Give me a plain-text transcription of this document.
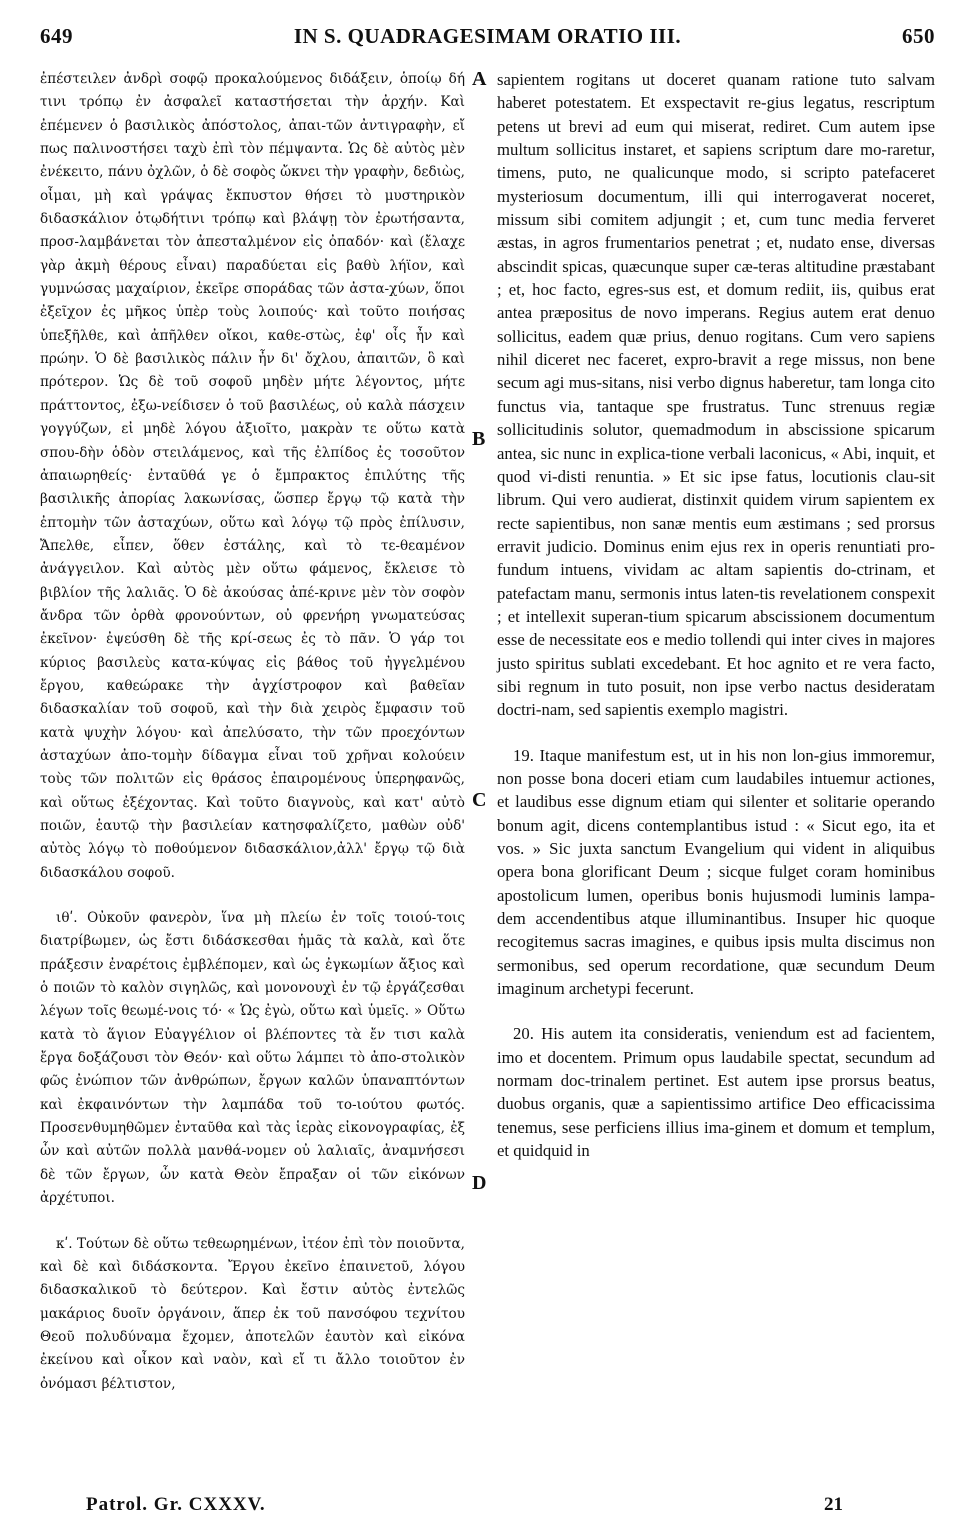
649	IN S. QUADRAGESIMAM ORATIO III.	650
ἐπέστειλεν ἀνδρὶ σοφῷ προκαλούμενος διδάξειν, ὁποίῳ δή τινι τρόπῳ ἐν ἀσφαλεῖ καταστήσεται τὴν ἀρχήν. Καὶ ἐπέμενεν ὁ βασιλικὸς ἀπόστολος, ἀπαι-τῶν ἀντιγραφὴν, εἴ πως παλινοστήσει ταχὺ ἐπὶ τὸν πέμψαντα. Ὡς δὲ αὐτὸς μὲν ἐνέκειτο, πάνυ ὀχλῶν, ὁ δὲ σοφὸς ὤκνει τὴν γραφὴν, δεδιὼς, οἶμαι, μὴ καὶ γράψας ἔκπυστον θήσει τὸ μυστηρικὸν διδασκάλιον ὁτῳδήτινι τρόπῳ καὶ βλάψῃ τὸν ἐρωτήσαντα, προσ-λαμβάνεται τὸν ἀπεσταλμένον εἰς ὀπαδόν· καὶ (ἔλαχε γὰρ ἀκμὴ θέρους εἶναι) παραδύεται εἰς βαθὺ λήϊον, καὶ γυμνώσας μαχαίριον, ἐκεῖρε σποράδας τῶν ἀστα-χύων, ὅποι ἐξεῖχον ἐς μῆκος ὑπὲρ τοὺς λοιπούς· καὶ τοῦτο ποιήσας ὑπεξῆλθε, καὶ ἀπῆλθεν οἴκοι, καθε-στὼς, ἐφ' οἷς ἦν καὶ πρώην. Ὁ δὲ βασιλικὸς πάλιν ἦν δι' ὄχλου, ἀπαιτῶν, ὃ καὶ πρότερον. Ὡς δὲ τοῦ σοφοῦ μηδὲν μήτε λέγοντος, μήτε πράττοντος, ἐξω-νείδισεν ὁ τοῦ βασιλέως, οὐ καλὰ πάσχειν γογγύζων, εἰ μηδὲ λόγου ἀξιοῖτο, μακρὰν τε οὕτω κατὰ σπου-δὴν ὁδὸν στειλάμενος, καὶ τῆς ἐλπίδος ἐς τοσοῦτον ἀπαιωρηθείς· ἐνταῦθά γε ὁ ἔμπρακτος ἐπιλύτης τῆς βασιλικῆς ἀπορίας λακωνίσας, ὥσπερ ἔργῳ τῷ κατὰ τὴν ἐπτομὴν τῶν ἀσταχύων, οὕτω καὶ λόγῳ τῷ πρὸς ἐπίλυσιν, Ἄπελθε, εἶπεν, ὅθεν ἐστάλης, καὶ τὸ τε-θεαμένον ἀνάγγειλον. Καὶ αὐτὸς μὲν οὕτω φάμενος, ἔκλεισε τὸ βιβλίον τῆς λαλιᾶς. Ὁ δὲ ἀκούσας ἀπέ-κρινε μὲν τὸν σοφὸν ἄνδρα τῶν ὀρθὰ φρονούντων, οὐ φρενήρη γνωματεύσας ἐκεῖνον· ἐψεύσθη δὲ τῆς κρί-σεως ἐς τὸ πᾶν. Ὁ γάρ τοι κύριος βασιλεὺς κατα-κύψας εἰς βάθος τοῦ ἠγγελμένου ἔργου, καθεώρακε τὴν ἀγχίστροφον καὶ βαθεῖαν διδασκαλίαν τοῦ σοφοῦ, καὶ τὴν διὰ χειρὸς ἔμφασιν τοῦ κατὰ ψυχὴν λόγου· καὶ ἀπελύσατο, τὴν τῶν προεχόντων ἀσταχύων ἀπο-τομὴν δίδαγμα εἶναι τοῦ χρῆναι κολούειν τοὺς τῶν πολιτῶν εἰς θράσος ἐπαιρομένους ὑπερηφανῶς, καὶ οὕτως ἐξέχοντας. Καὶ τοῦτο διαγνοὺς, καὶ κατ' αὐτὸ ποιῶν, ἑαυτῷ τὴν βασιλείαν κατησφαλίζετο, μαθὼν οὐδ' αὐτὸς λόγῳ τὸ ποθούμενον διδασκάλιον,ἀλλ' ἔργῳ τῷ διὰ διδασκάλου σοφοῦ.
ιθʹ. Οὐκοῦν φανερὸν, ἵνα μὴ πλείω ἐν τοῖς τοιού-τοις διατρίβωμεν, ὡς ἔστι διδάσκεσθαι ἡμᾶς τὰ καλὰ, καὶ ὅτε πράξεσιν ἐναρέτοις ἐμβλέπομεν, καὶ ὡς ἐγκωμίων ἄξιος καὶ ὁ ποιῶν τὸ καλὸν σιγηλῶς, καὶ μονονουχὶ ἐν τῷ ἐργάζεσθαι λέγων τοῖς θεωμέ-νοις τό· « Ὡς ἐγὼ, οὕτω καὶ ὑμεῖς. » Οὕτω κατὰ τὸ ἅγιον Εὐαγγέλιον οἱ βλέποντες τὰ ἔν τισι καλὰ ἔργα δοξάζουσι τὸν Θεόν· καὶ οὕτω λάμπει τὸ ἀπο-στολικὸν φῶς ἐνώπιον τῶν ἀνθρώπων, ἔργων καλῶν ὑπαναπτόντων καὶ ἐκφαινόντων τὴν λαμπάδα τοῦ το-ιούτου φωτός. Προσενθυμηθῶμεν ἐνταῦθα καὶ τὰς ἱερὰς εἰκονογραφίας, ἐξ ὧν καὶ αὐτῶν πολλὰ μανθά-νομεν οὐ λαλιαῖς, ἀναμνήσεσι δὲ τῶν ἔργων, ὧν κατὰ Θεὸν ἔπραξαν οἱ τῶν εἰκόνων ἀρχέτυποι.
κʹ. Τούτων δὲ οὕτω τεθεωρημένων, ἰτέον ἐπὶ τὸν ποιοῦντα, καὶ δὲ καὶ διδάσκοντα. Ἔργου ἐκεῖνο ἐπαινετοῦ, λόγου διδασκαλικοῦ τὸ δεύτερον. Καὶ ἔστιν αὐτὸς ἐντελῶς μακάριος δυοῖν ὀργάνοιν, ἅπερ ἐκ τοῦ πανσόφου τεχνίτου Θεοῦ πολυδύναμα ἔχομεν, ἀποτελῶν ἑαυτὸν καὶ εἰκόνα ἐκείνου καὶ οἶκον καὶ ναὸν, καὶ εἴ τι ἄλλο τοιοῦτον ἐν ὀνόμασι βέλτιστον,
sapientem rogitans ut doceret quanam ratione tuto salvam haberet potestatem. Et exspectavit re-gius legatus, rescriptum petens ut brevi ad eum qui miserat, rediret. Cum autem ipse multum sollicitus instaret, et sapiens scriptum dare mo-raretur, timens, puto, ne qualicunque modo, si scripto patefaceret mysteriosum documentum, illi qui interrogaverat noceret, missum sibi comitem adjungit ; et, cum tunc media ferveret æstas, in agros frumentarios penetrat ; et, nudato ense, diversas abscindit spicas, quæcunque super cæ-teras altitudine præstabant ; et, hoc facto, egres-sus est, et domum rediit, iis, quibus erat antea præpositus de novo imperans. Regius autem erat denuo sollicitus, eadem quæ prius, denuo rogitans. Cum vero sapiens nihil diceret nec faceret, expro-bravit a rege missus, non bene secum agi mus-sitans, nisi verbo dignus haberetur, tam longa cito functus via, tantaque spe frustratus. Tunc strenuus regiæ sollicitudinis solutor, quemadmodum in abscissione spicarum antea, sic nunc in explica-tione verbali laconicus, « Abi, inquit, et quod vi-disti renuntia. » Et sic ipse fatus, locutionis clau-sit librum. Qui vero audierat, distinxit quidem virum sapientem ex recte sapientibus, non sanæ mentis eum æstimans ; sed prorsus erravit judicio. Dominus enim ejus rex in operis renuntiati pro-fundum intuens, vividam ac altam sapientis do-ctrinam, et patefactam manu, sermonis intus laten-tis revelationem conspexit ; et intellexit superan-tium spicarum abscissionem documentum esse de necessitate eos e medio tollendi qui inter cives in majores justo spiritus sublati excedebant. Et hoc agnito et re vera facto, sibi regnum in tuto posuit, non ipse verbo nactus desideratam doctri-nam, sed sapientis exemplo magistri.
19. Itaque manifestum est, ut in his non lon-gius immoremur, non posse bona doceri etiam cum laudabiles intuemur actiones, et laudibus esse dignum etiam qui silenter et solitarie operando bonum agit, dicens contemplantibus istud : « Sicut ego, ita et vos. » Sic juxta sanctum Evangelium qui vident in aliquibus opera bona glorificant Deum ; sicque fulget coram hominibus apostolicum lumen, operibus bonis hujusmodi luminis lampa-dem accendentibus atque illuminantibus. Insuper hic quoque recogitemus sacras imagines, e quibus ipsis multa discimus non sermonibus, sed operum recordatione, quæ secundum Deum imaginum archetypi fecerunt.
20. His autem ita consideratis, veniendum est ad facientem, imo et docentem. Primum opus laudabile spectat, secundum ad normam doc-trinalem pertinet. Est autem ipse prorsus beatus, duobus organis, quæ a sapientissimo artifice Deo efficacissima tenemus, sese perficiens illius ima-ginem et domum et templum, et quidquid in
A
B
C
D
Patrol. Gr. CXXXV.	21
